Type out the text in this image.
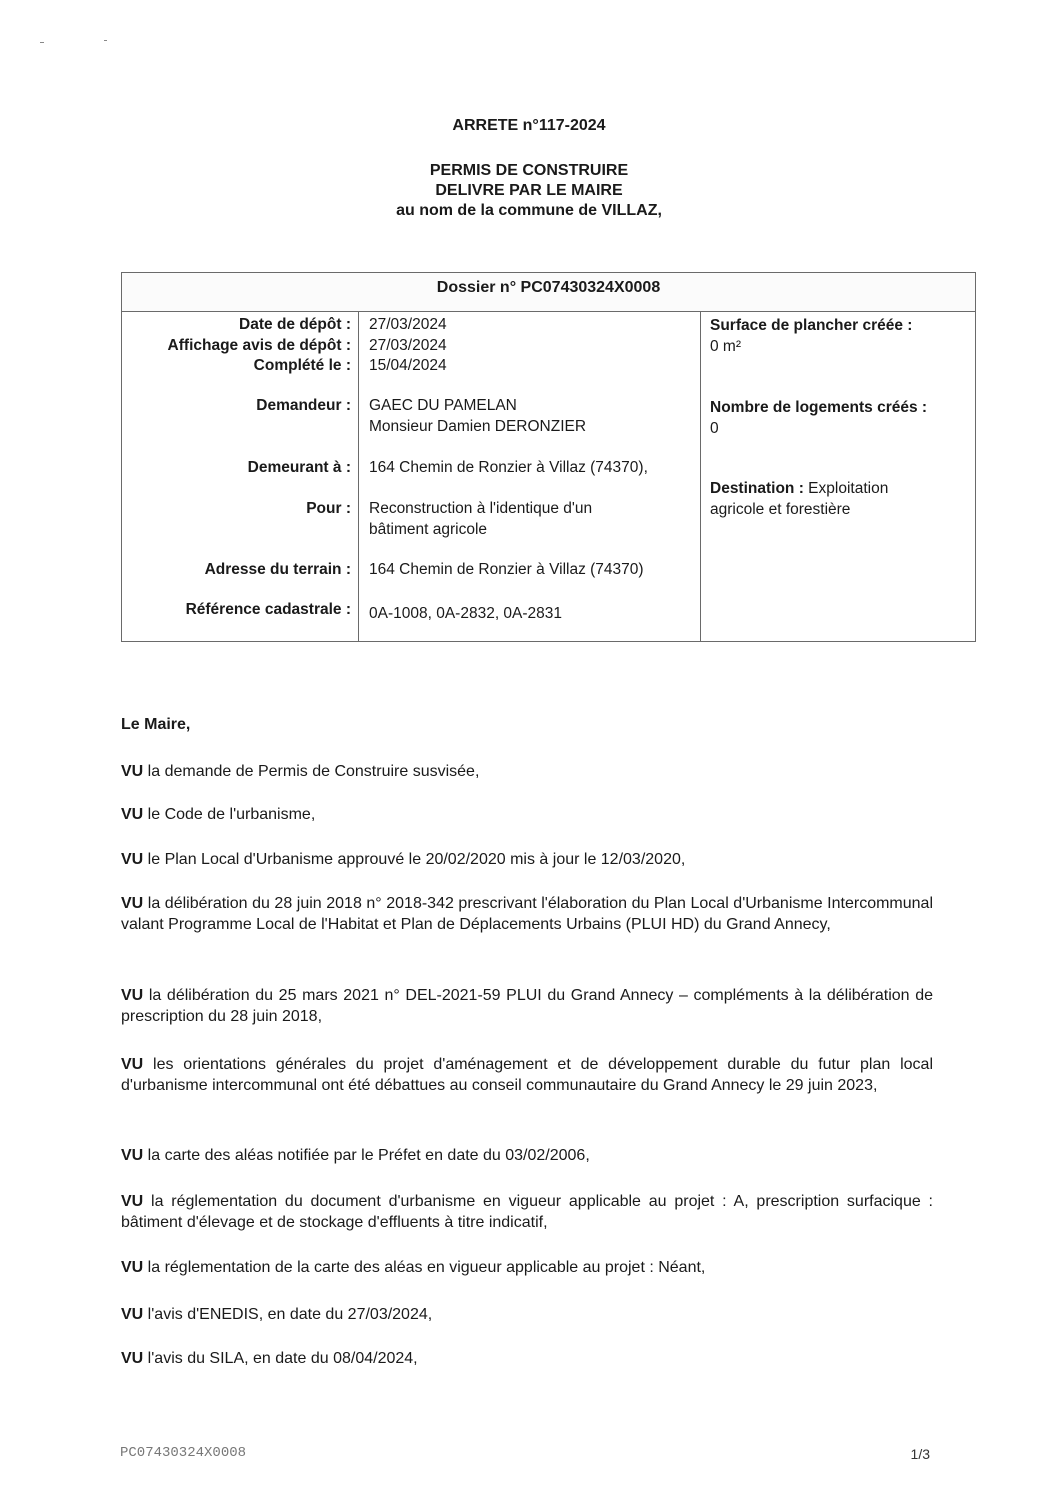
ARRETE n°117-2024
PERMIS DE CONSTRUIRE
DELIVRE PAR LE MAIRE
au nom de la commune de VILLAZ,
Dossier n° PC07430324X0008
Date de dépôt :
Affichage avis de dépôt :
Complété le :
Demandeur :
Demeurant à :
Pour :
Adresse du terrain :
Référence cadastrale :
27/03/2024
27/03/2024
15/04/2024
GAEC DU PAMELAN
Monsieur Damien DERONZIER
164 Chemin de Ronzier à Villaz (74370),
Reconstruction à l'identique d'un bâtiment agricole
164 Chemin de Ronzier à Villaz (74370)
0A-1008, 0A-2832, 0A-2831
Surface de plancher créée :
0 m²
Nombre de logements créés :
0
Destination : Exploitation agricole et forestière
Le Maire,
VU la demande de Permis de Construire susvisée,
VU le Code de l'urbanisme,
VU le Plan Local d'Urbanisme approuvé le 20/02/2020 mis à jour le 12/03/2020,
VU la délibération du 28 juin 2018 n° 2018-342 prescrivant l'élaboration du Plan Local d'Urbanisme Intercommunal valant Programme Local de l'Habitat et Plan de Déplacements Urbains (PLUI HD) du Grand Annecy,
VU la délibération du 25 mars 2021 n° DEL-2021-59 PLUI du Grand Annecy – compléments à la délibération de prescription du 28 juin 2018,
VU les orientations générales du projet d'aménagement et de développement durable du futur plan local d'urbanisme intercommunal ont été débattues au conseil communautaire du Grand Annecy le 29 juin 2023,
VU la carte des aléas notifiée par le Préfet en date du 03/02/2006,
VU la réglementation du document d'urbanisme en vigueur applicable au projet : A, prescription surfacique : bâtiment d'élevage et de stockage d'effluents à titre indicatif,
VU la réglementation de la carte des aléas en vigueur applicable au projet : Néant,
VU l'avis d'ENEDIS, en date du 27/03/2024,
VU l'avis du SILA, en date du 08/04/2024,
PC07430324X0008	1/3
